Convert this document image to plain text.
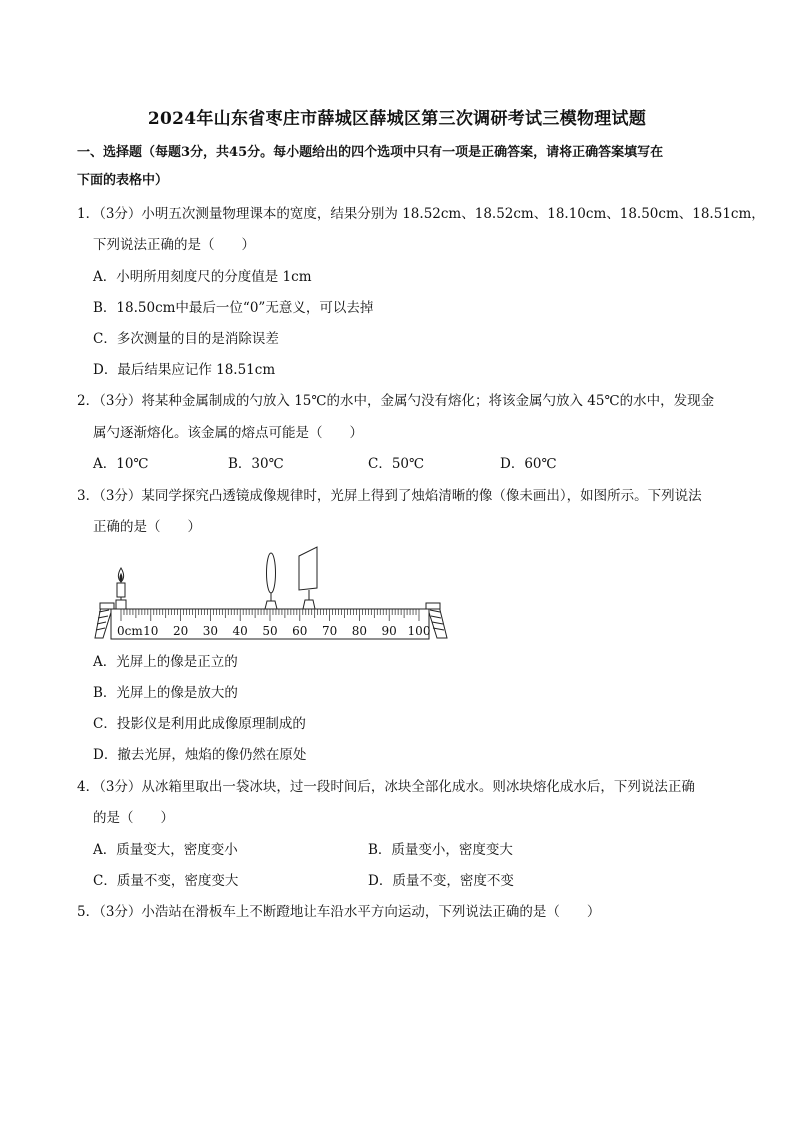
2024年山东省枣庄市薛城区薛城区第三次调研考试三模物理试题
一、选择题（每题3分，共45分。每小题给出的四个选项中只有一项是正确答案，请将正确答案填写在
下面的表格中）
1．（3分）小明五次测量物理课本的宽度，结果分别为 18.52cm、18.52cm、18.10cm、18.50cm、18.51cm，
下列说法正确的是（　　）
A．小明所用刻度尺的分度值是 1cm
B．18.50cm中最后一位“0”无意义，可以去掉
C．多次测量的目的是消除误差
D．最后结果应记作 18.51cm
2．（3分）将某种金属制成的勺放入 15℃的水中，金属勺没有熔化；将该金属勺放入 45℃的水中，发现金
属勺逐渐熔化。该金属的熔点可能是（　　）
A．10℃	B．30℃	C．50℃	D．60℃
3．（3分）某同学探究凸透镜成像规律时，光屏上得到了烛焰清晰的像（像未画出），如图所示。下列说法
正确的是（　　）
0cm 10 20 30 40 50 60 70 80 90 100
A．光屏上的像是正立的
B．光屏上的像是放大的
C．投影仪是利用此成像原理制成的
D．撤去光屏，烛焰的像仍然在原处
4．（3分）从冰箱里取出一袋冰块，过一段时间后，冰块全部化成水。则冰块熔化成水后，下列说法正确
的是（　　）
A．质量变大，密度变小	B．质量变小，密度变大
C．质量不变，密度变大	D．质量不变，密度不变
5．（3分）小浩站在滑板车上不断蹬地让车沿水平方向运动，下列说法正确的是（　　）
